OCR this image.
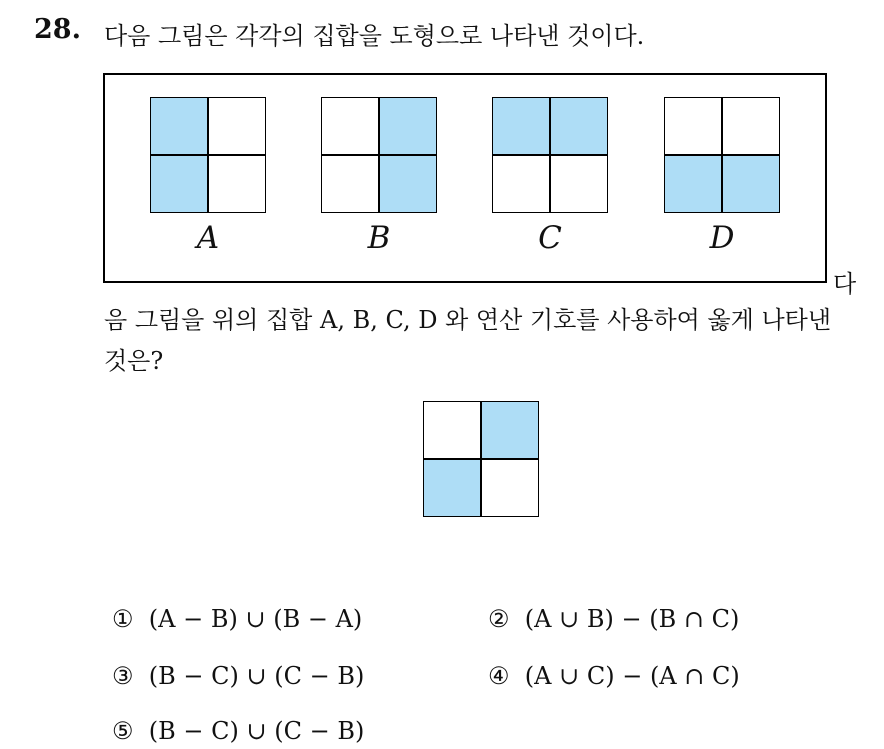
28. 다음 그림은 각각의 집합을 도형으로 나타낸 것이다.
A	B	C	D
다
음 그림을 위의 집합 A, B, C, D 와 연산 기호를 사용하여 옳게 나타낸
것은?
① (A − B) ∪ (B − A)	② (A ∪ B) − (B ∩ C)
③ (B − C) ∪ (C − B)	④ (A ∪ C) − (A ∩ C)
⑤ (B − C) ∪ (C − B)
